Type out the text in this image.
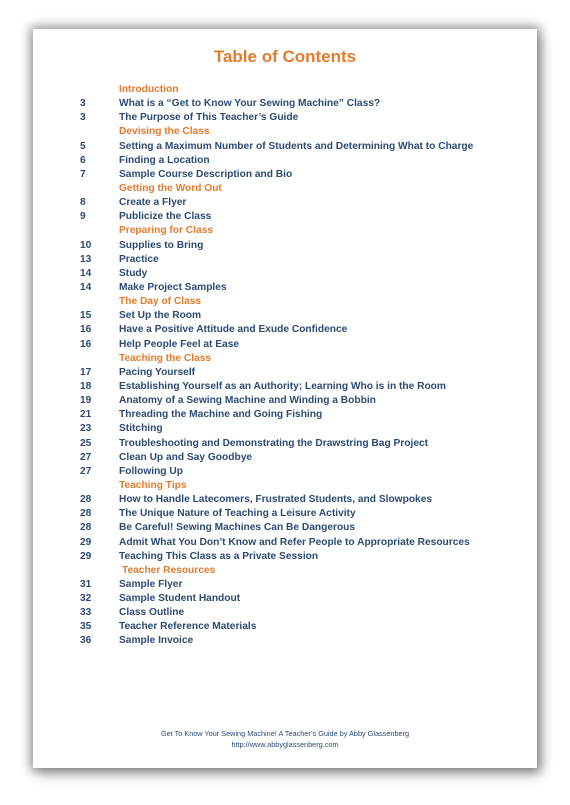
Table of Contents
Introduction
3	What is a “Get to Know Your Sewing Machine” Class?
3	The Purpose of This Teacher’s Guide
Devising the Class
5	Setting a Maximum Number of Students and Determining What to Charge
6	Finding a Location
7	Sample Course Description and Bio
Getting the Word Out
8	Create a Flyer
9	Publicize the Class
Preparing for Class
10	Supplies to Bring
13	Practice
14	Study
14	Make Project Samples
The Day of Class
15	Set Up the Room
16	Have a Positive Attitude and Exude Confidence
16	Help People Feel at Ease
Teaching the Class
17	Pacing Yourself
18	Establishing Yourself as an Authority; Learning Who is in the Room
19	Anatomy of a Sewing Machine and Winding a Bobbin
21	Threading the Machine and Going Fishing
23	Stitching
25	Troubleshooting and Demonstrating the Drawstring Bag Project
27	Clean Up and Say Goodbye
27	Following Up
Teaching Tips
28	How to Handle Latecomers, Frustrated Students, and Slowpokes
28	The Unique Nature of Teaching a Leisure Activity
28	Be Careful! Sewing Machines Can Be Dangerous
29	Admit What You Don’t Know and Refer People to Appropriate Resources
29	Teaching This Class as a Private Session
Teacher Resources
31	Sample Flyer
32	Sample Student Handout
33	Class Outline
35	Teacher Reference Materials
36	Sample Invoice
Get To Know Your Sewing Machine! A Teacher’s Guide by Abby Glassenberg
http://www.abbyglassenberg.com
